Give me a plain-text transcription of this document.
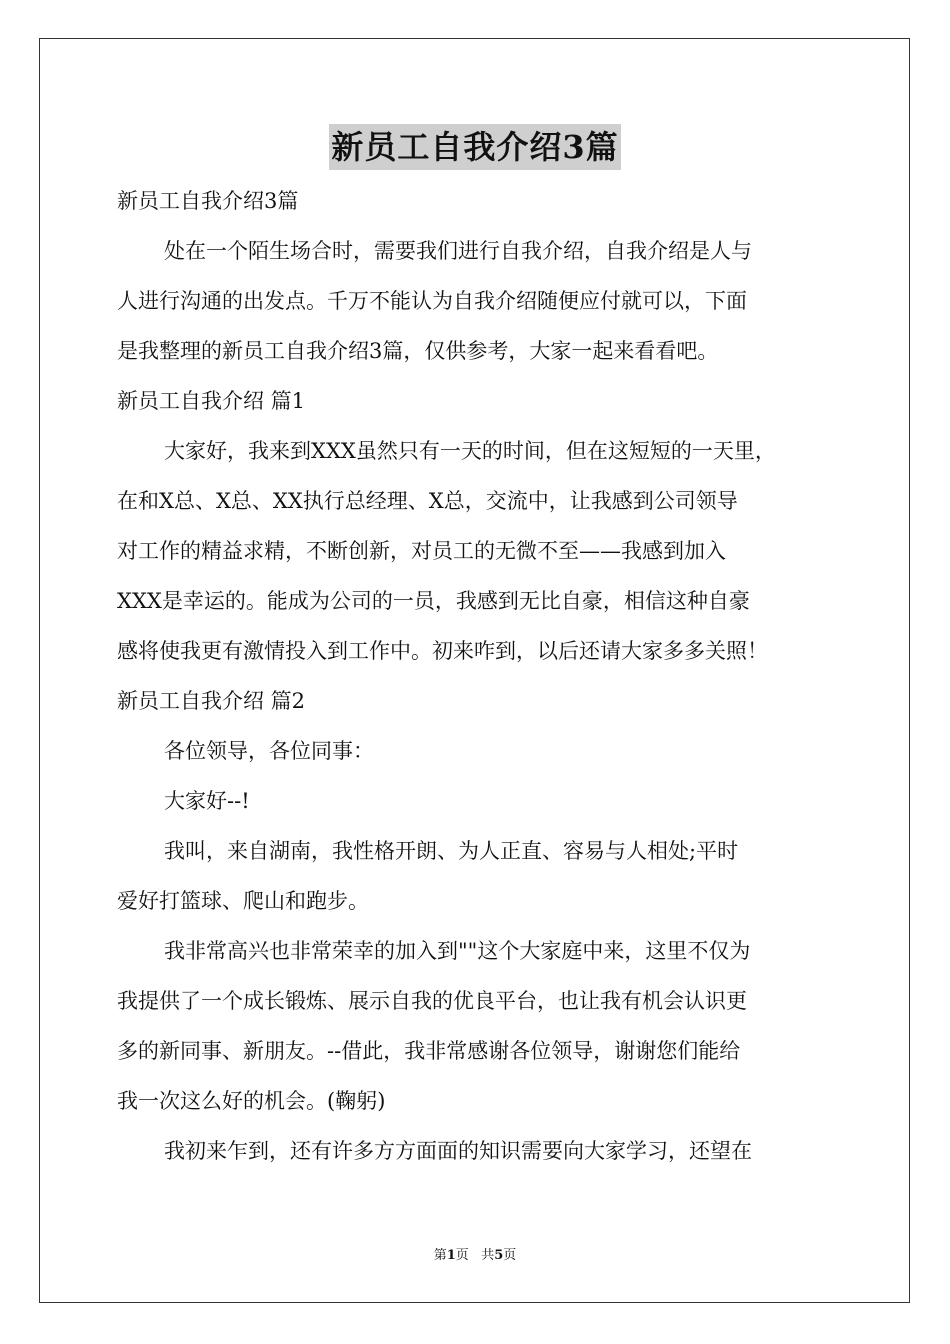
新员工自我介绍3篇
新员工自我介绍3篇
处在一个陌生场合时，需要我们进行自我介绍，自我介绍是人与
人进行沟通的出发点。千万不能认为自我介绍随便应付就可以，下面
是我整理的新员工自我介绍3篇，仅供参考，大家一起来看看吧。
新员工自我介绍 篇1
大家好，我来到XXX虽然只有一天的时间，但在这短短的一天里，
在和X总、X总、XX执行总经理、X总，交流中，让我感到公司领导
对工作的精益求精，不断创新，对员工的无微不至——我感到加入
XXX是幸运的。能成为公司的一员，我感到无比自豪，相信这种自豪
感将使我更有激情投入到工作中。初来咋到，以后还请大家多多关照！
新员工自我介绍 篇2
各位领导，各位同事：
大家好--!
我叫，来自湖南，我性格开朗、为人正直、容易与人相处;平时
爱好打篮球、爬山和跑步。
我非常高兴也非常荣幸的加入到""这个大家庭中来，这里不仅为
我提供了一个成长锻炼、展示自我的优良平台，也让我有机会认识更
多的新同事、新朋友。--借此，我非常感谢各位领导，谢谢您们能给
我一次这么好的机会。(鞠躬)
我初来乍到，还有许多方方面面的知识需要向大家学习，还望在
第1页 共5页
